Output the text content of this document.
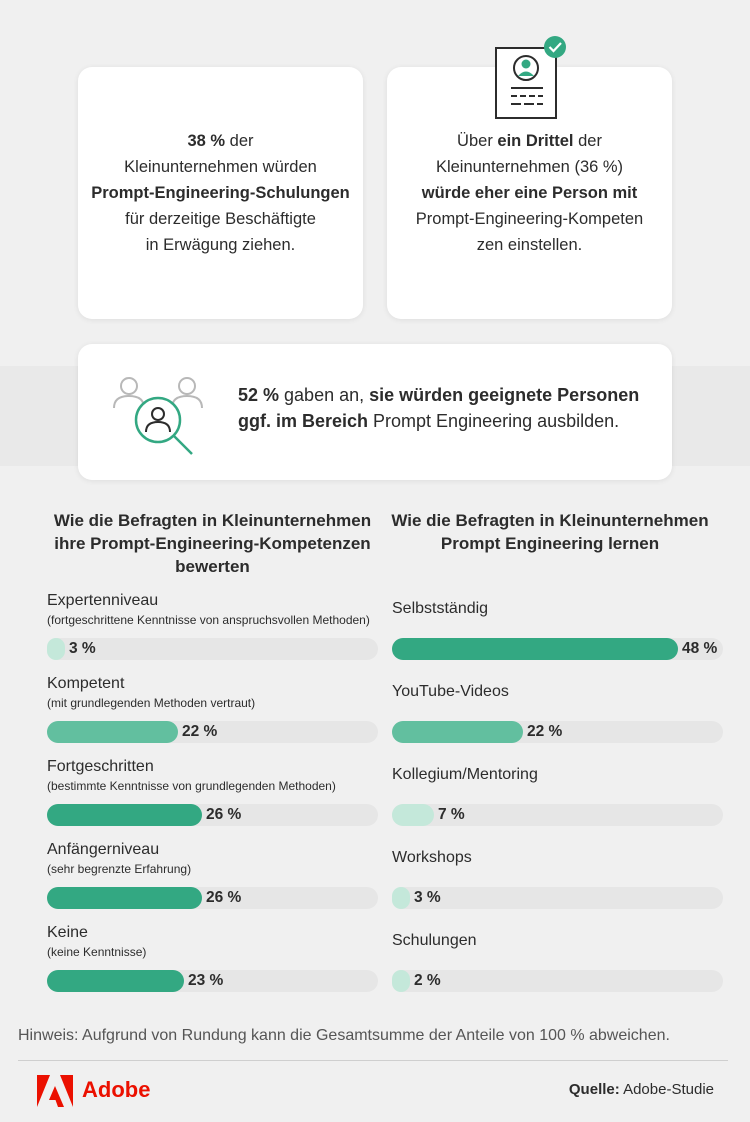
38 % der
Kleinunternehmen würden
Prompt-Engineering-Schulungen
für derzeitige Beschäftigte
in Erwägung ziehen.
Über ein Drittel der
Kleinunternehmen (36 %)
würde eher eine Person mit
Prompt-Engineering-Kompeten
zen einstellen.
52 % gaben an, sie würden geeignete Personen ggf. im Bereich Prompt Engineering ausbilden.
Wie die Befragten in Kleinunternehmen ihre Prompt-Engineering-Kompetenzen bewerten
Wie die Befragten in Kleinunternehmen Prompt Engineering lernen
Expertenniveau
(fortgeschrittene Kenntnisse von anspruchsvollen Methoden)
3 %
Kompetent
(mit grundlegenden Methoden vertraut)
22 %
Fortgeschritten
(bestimmte Kenntnisse von grundlegenden Methoden)
26 %
Anfängerniveau
(sehr begrenzte Erfahrung)
26 %
Keine
(keine Kenntnisse)
23 %
Selbstständig
48 %
YouTube-Videos
22 %
Kollegium/Mentoring
7 %
Workshops
3 %
Schulungen
2 %
Hinweis: Aufgrund von Rundung kann die Gesamtsumme der Anteile von 100 % abweichen.
Adobe	Quelle: Adobe-Studie
